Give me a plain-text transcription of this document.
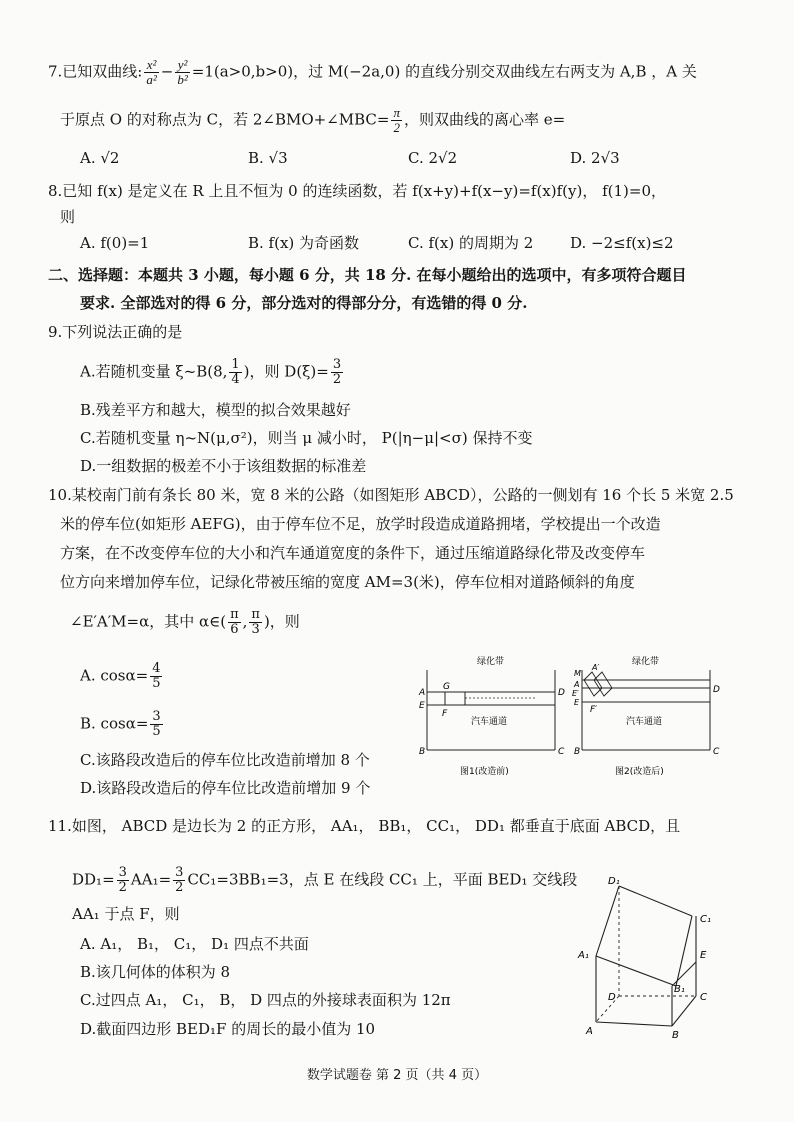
7.已知双曲线: $\frac{\text{x²}}{\text{a²}} - \frac{\text{y²}}{\text{b²}} =1(a>0,b>0)$，过 M(−2a,0) 的直线分别交双曲线左右两支为 A,B ，A 关
于原点 O 的对称点为 C，若 2∠BMO+∠MBC= $\frac{\pi}{2}$ ，则双曲线的离心率 e=
A. √2	B. √3	C. 2√2	D. 2√3
8.已知 f(x) 是定义在 R 上且不恒为 0 的连续函数，若 f(x+y)+f(x−y)=f(x)f(y)， f(1)=0，
则
A. f(0)=1	B. f(x) 为奇函数	C. f(x) 的周期为 2 D. −2≤f(x)≤2
二、选择题：本题共 3 小题，每小题 6 分，共 18 分. 在每小题给出的选项中，有多项符合题目
要求. 全部选对的得 6 分，部分选对的得部分分，有选错的得 0 分.
9.下列说法正确的是
A.若随机变量 ξ~B(8, $\frac{1}{4}$ )，则 $D(\xi)= \frac{3}{2}$
B.残差平方和越大，模型的拟合效果越好
C.若随机变量 η~N(μ,σ²)，则当 μ 减小时， P(|η−μ|<σ) 保持不变
D.一组数据的极差不小于该组数据的标准差
10.某校南门前有条长 80 米，宽 8 米的公路（如图矩形 ABCD），公路的一侧划有 16 个长 5 米宽 2.5
米的停车位(如矩形 AEFG)，由于停车位不足，放学时段造成道路拥堵，学校提出一个改造
方案，在不改变停车位的大小和汽车通道宽度的条件下，通过压缩道路绿化带及改变停车
位方向来增加停车位，记绿化带被压缩的宽度 AM=3(米)，停车位相对道路倾斜的角度
∠E′A′M=α，其中 α∈( $\frac{\pi}{6}$ , $\frac{\pi}{3}$ )，则
A. $\cos\alpha= \frac{4}{5}$
B. $\cos\alpha= \frac{3}{5}$
C.该路段改造后的停车位比改造前增加 8 个
D.该路段改造后的停车位比改造前增加 9 个
绿化带
A
E
B
D
C
G
F
汽车通道
图1(改造前)
绿化带
M
A
E
B
D
C
A′
E′
F′
汽车通道
图2(改造后)
11.如图， ABCD 是边长为 2 的正方形， AA₁， BB₁， CC₁， DD₁ 都垂直于底面 ABCD，且
$DD_1= \frac{3}{2} AA_1= \frac{3}{2} CC_1=3BB_1=3$，点 E 在线段 CC₁ 上，平面 BED₁ 交线段
AA₁ 于点 F，则
A. A₁， B₁， C₁， D₁ 四点不共面
B.该几何体的体积为 8
C.过四点 A₁， C₁， B， D 四点的外接球表面积为 12π
D.截面四边形 BED₁F 的周长的最小值为 10
D₁
C₁
A₁	E
B₁
D	C
A	B
数学试题卷 第 2 页（共 4 页）
